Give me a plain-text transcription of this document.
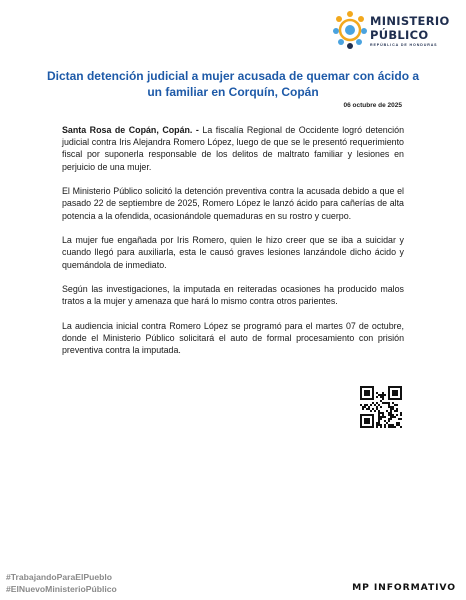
MINISTERIO
PÚBLICO
REPÚBLICA DE HONDURAS
Dictan detención judicial a mujer acusada de quemar con ácido a un familiar en Corquín, Copán
06 octubre de 2025

Santa Rosa de Copán, Copán. - La fiscalía Regional de Occidente logró detención judicial contra Iris Alejandra Romero López, luego de que se le presentó requerimiento fiscal por suponerla responsable de los delitos de maltrato familiar y lesiones en perjuicio de una mujer.

El Ministerio Público solicitó la detención preventiva contra la acusada debido a que el pasado 22 de septiembre de 2025, Romero López le lanzó ácido para cañerías de alta potencia a la ofendida, ocasionándole quemaduras en su rostro y cuerpo.

La mujer fue engañada por Iris Romero, quien le hizo creer que se iba a suicidar y cuando llegó para auxiliarla, esta le causó graves lesiones lanzándole dicho ácido y quemándola de inmediato.

Según las investigaciones, la imputada en reiteradas ocasiones ha producido malos tratos a la mujer y amenaza que hará lo mismo contra otros parientes.

La audiencia inicial contra Romero López se programó para el martes 07 de octubre, donde el Ministerio Público solicitará el auto de formal procesamiento con prisión preventiva contra la imputada.

#TrabajandoParaElPueblo
#ElNuevoMinisterioPúblico	MP INFORMATIVO
